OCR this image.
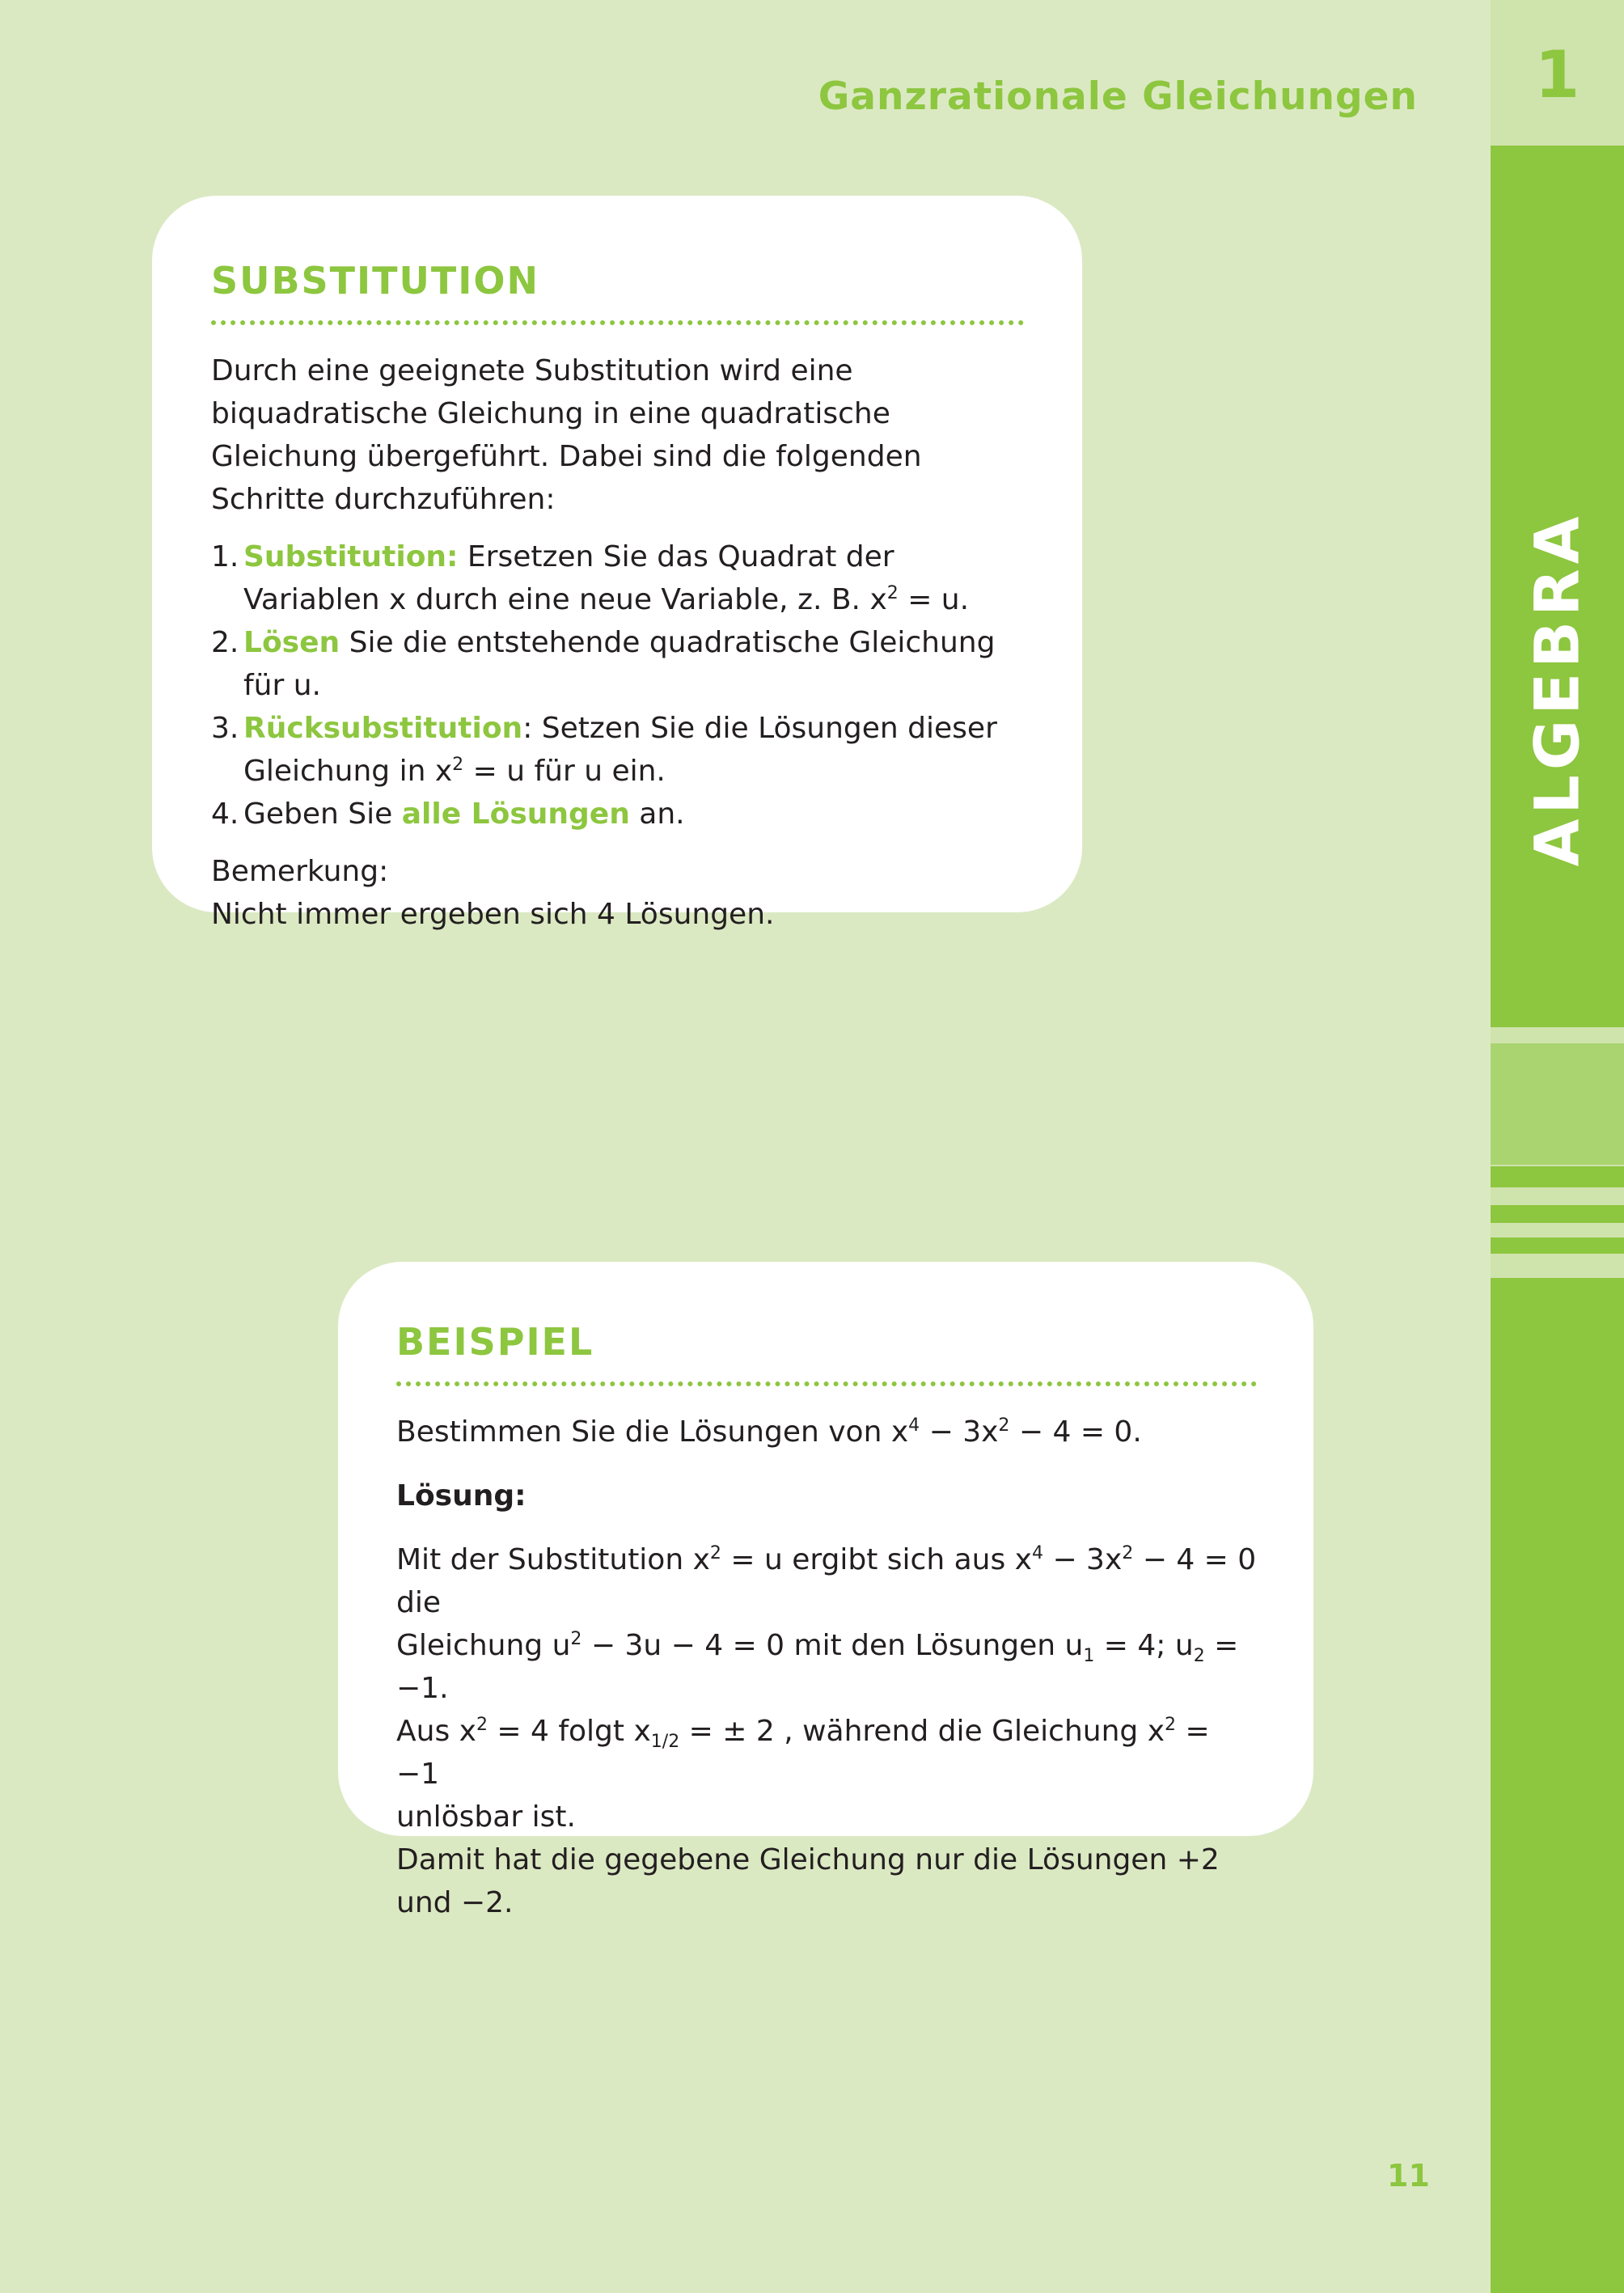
Ganzrationale Gleichungen 1
ALGEBRA
SUBSTITUTION
Durch eine geeignete Substitution wird eine biquadratische Gleichung in eine quadratische Gleichung übergeführt. Dabei sind die folgenden Schritte durchzuführen:
1. Substitution: Ersetzen Sie das Quadrat der Variablen x durch eine neue Variable, z. B. $x^2 = u$.
2. Lösen Sie die entstehende quadratische Gleichung für u.
3. Rücksubstitution: Setzen Sie die Lösungen dieser Gleichung in $x^2 = u$ für u ein.
4. Geben Sie alle Lösungen an.
Bemerkung:
Nicht immer ergeben sich 4 Lösungen.
BEISPIEL
Bestimmen Sie die Lösungen von $x^4 - 3x^2 - 4 = 0$.
Lösung:
Mit der Substitution $x^2 = u$ ergibt sich aus $x^4 - 3x^2 - 4 = 0$ die
Gleichung $u^2 - 3u - 4 = 0$ mit den Lösungen $u_1 = 4$; $u_2 = -1$.
Aus $x^2 = 4$ folgt $x_{1/2}$ = ± 2 , während die Gleichung $x^2 = -1$
unlösbar ist.
Damit hat die gegebene Gleichung nur die Lösungen +2 und −2.
11
